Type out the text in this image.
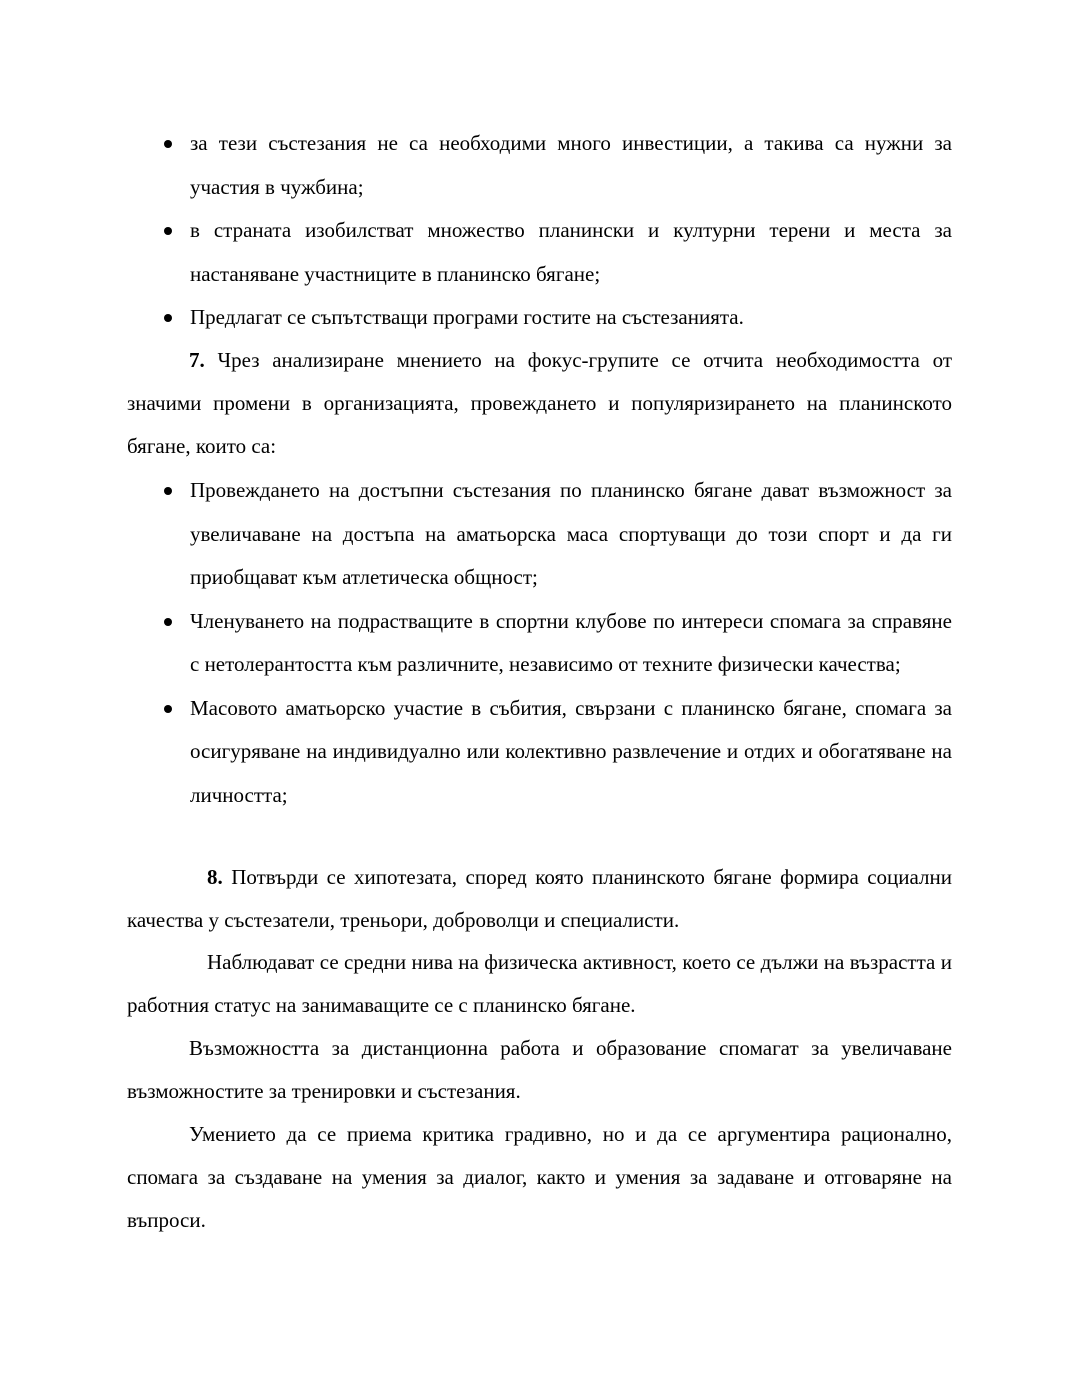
за тези състезания не са необходими много инвестиции, а такива са нужни за участия в чужбина;
в страната изобилстват множество планински и културни терени и места за настаняване участниците в планинско бягане;
Предлагат се съпътстващи програми гостите на състезанията.

7. Чрез анализиране мнението на фокус-групите се отчита необходимостта от значими промени в организацията, провеждането и популяризирането на планинското бягане, които са:

Провеждането на достъпни състезания по планинско бягане дават възможност за увеличаване на достъпа на аматьорска маса спортуващи до този спорт и да ги приобщават към атлетическа общност;
Членуването на подрастващите в спортни клубове по интереси спомага за справяне с нетолерантостта към различните, независимо от техните физически качества;
Масовото аматьорско участие в събития, свързани с планинско бягане, спомага за осигуряване на индивидуално или колективно развлечение и отдих и обогатяване на личността;

8. Потвърди се хипотезата, според която планинското бягане формира социални качества у състезатели, треньори, доброволци и специалисти.

Наблюдават се средни нива на физическа активност, което се дължи на възрастта и работния статус на занимаващите се с планинско бягане.

Възможността за дистанционна работа и образование спомагат за увеличаване възможностите за тренировки и състезания.

Умението да се приема критика градивно, но и да се аргументира рационално, спомага за създаване на умения за диалог, както и умения за задаване и отговаряне на въпроси.
